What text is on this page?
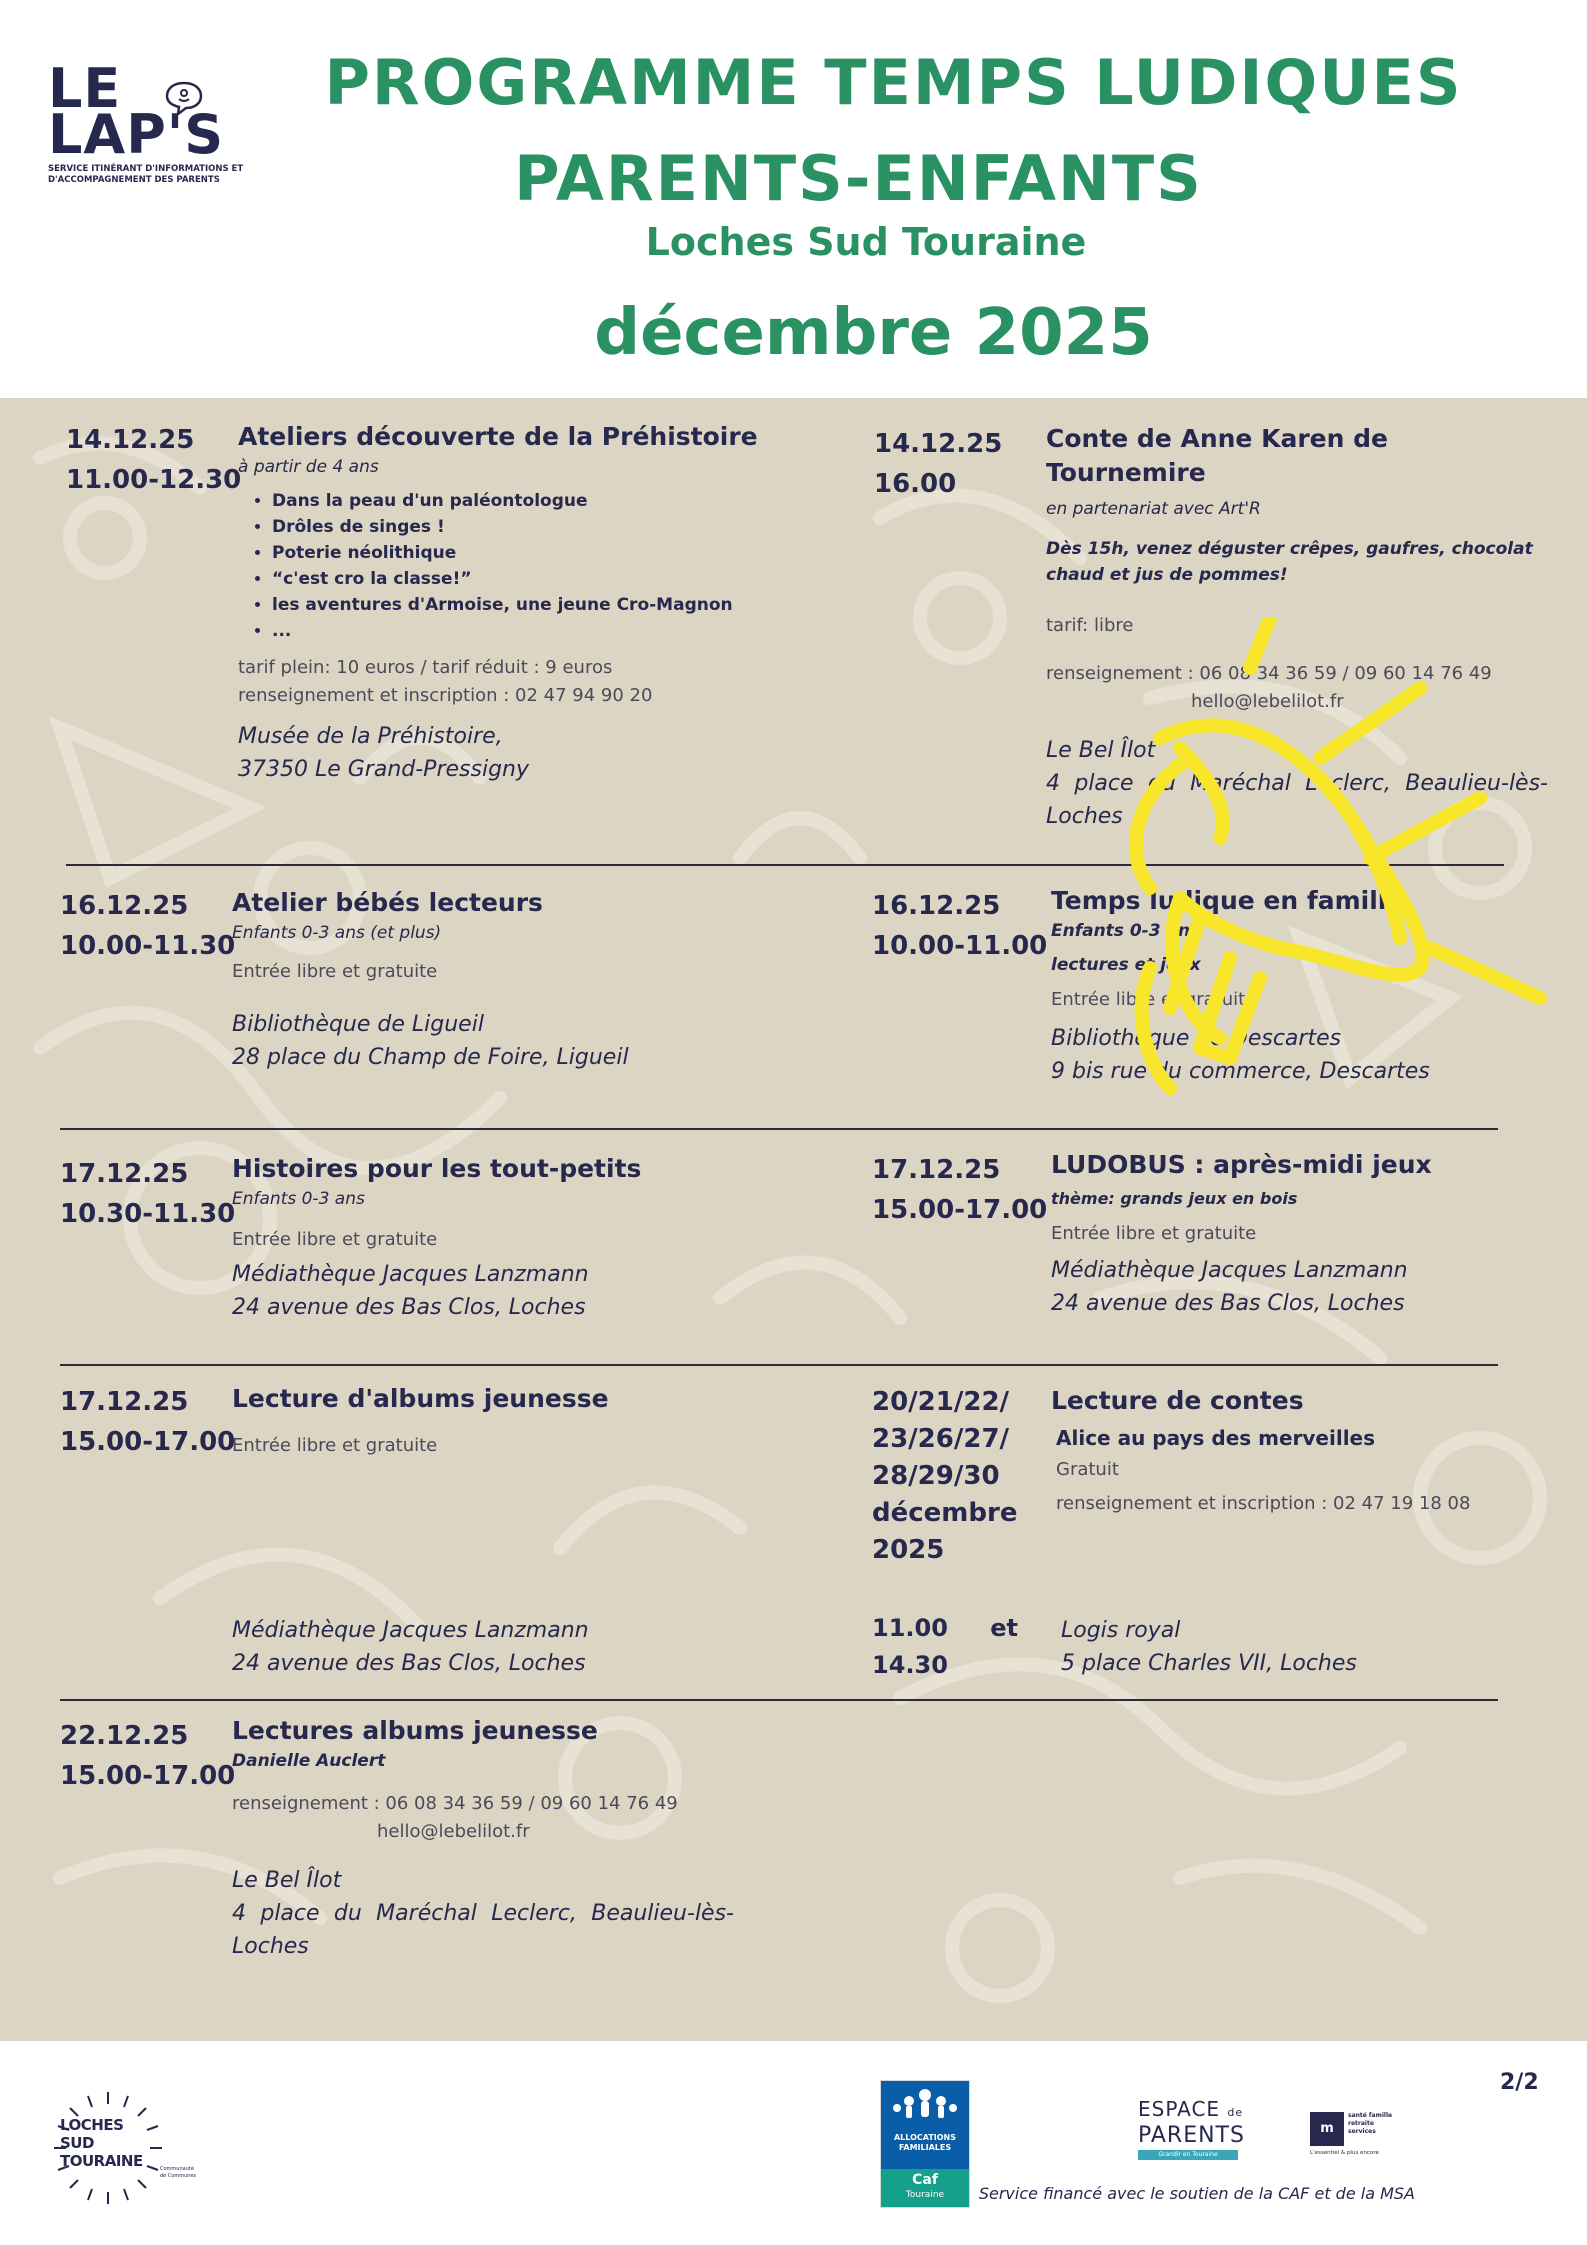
LE
LAP'S
SERVICE ITINÉRANT D'INFORMATIONS ET D'ACCOMPAGNEMENT DES PARENTS
PROGRAMME TEMPS LUDIQUES
PARENTS-ENFANTS
Loches Sud Touraine
décembre 2025
14.12.25
11.00-12.30
Ateliers découverte de la Préhistoire
à partir de 4 ans
• Dans la peau d'un paléontologue
• Drôles de singes !
• Poterie néolithique
• “c'est cro la classe!”
• les aventures d'Armoise, une jeune Cro-Magnon
• ...
tarif plein: 10 euros / tarif réduit : 9 euros
renseignement et inscription : 02 47 94 90 20
Musée de la Préhistoire,
37350 Le Grand-Pressigny
14.12.25
16.00
Conte de Anne Karen de Tournemire
en partenariat avec Art'R
Dès 15h, venez déguster crêpes, gaufres, chocolat chaud et jus de pommes!
tarif: libre
renseignement : 06 08 34 36 59 / 09 60 14 76 49
hello@lebelilot.fr
Le Bel Îlot
4 place du Maréchal Leclerc, Beaulieu-lès-Loches
16.12.25
10.00-11.30
Atelier bébés lecteurs
Enfants 0-3 ans (et plus)
Entrée libre et gratuite
Bibliothèque de Ligueil
28 place du Champ de Foire, Ligueil
16.12.25
10.00-11.00
Temps ludique en famille
Enfants 0-3 ans
lectures et jeux
Entrée libre et gratuite
Bibliothèque de Descartes
9 bis rue du commerce, Descartes
17.12.25
10.30-11.30
Histoires pour les tout-petits
Enfants 0-3 ans
Entrée libre et gratuite
Médiathèque Jacques Lanzmann
24 avenue des Bas Clos, Loches
17.12.25
15.00-17.00
LUDOBUS : après-midi jeux
thème: grands jeux en bois
Entrée libre et gratuite
Médiathèque Jacques Lanzmann
24 avenue des Bas Clos, Loches
17.12.25
15.00-17.00
Lecture d'albums jeunesse
Entrée libre et gratuite
Médiathèque Jacques Lanzmann
24 avenue des Bas Clos, Loches
20/21/22/
23/26/27/
28/29/30
décembre
2025
11.00 et
14.30
Lecture de contes
Alice au pays des merveilles
Gratuit
renseignement et inscription : 02 47 19 18 08
Logis royal
5 place Charles VII, Loches
22.12.25
15.00-17.00
Lectures albums jeunesse
Danielle Auclert
renseignement : 06 08 34 36 59 / 09 60 14 76 49
hello@lebelilot.fr
Le Bel Îlot
4 place du Maréchal Leclerc, Beaulieu-lès-Loches
2/2
LOCHES
SUD
TOURAINE	Communauté de Communes
ALLOCATIONS
FAMILIALES
Caf
Touraine
ESPACE de
PARENTS
Grandir en Touraine
m
santé famille retraite services
L'essentiel & plus encore
Service financé avec le soutien de la CAF et de la MSA
